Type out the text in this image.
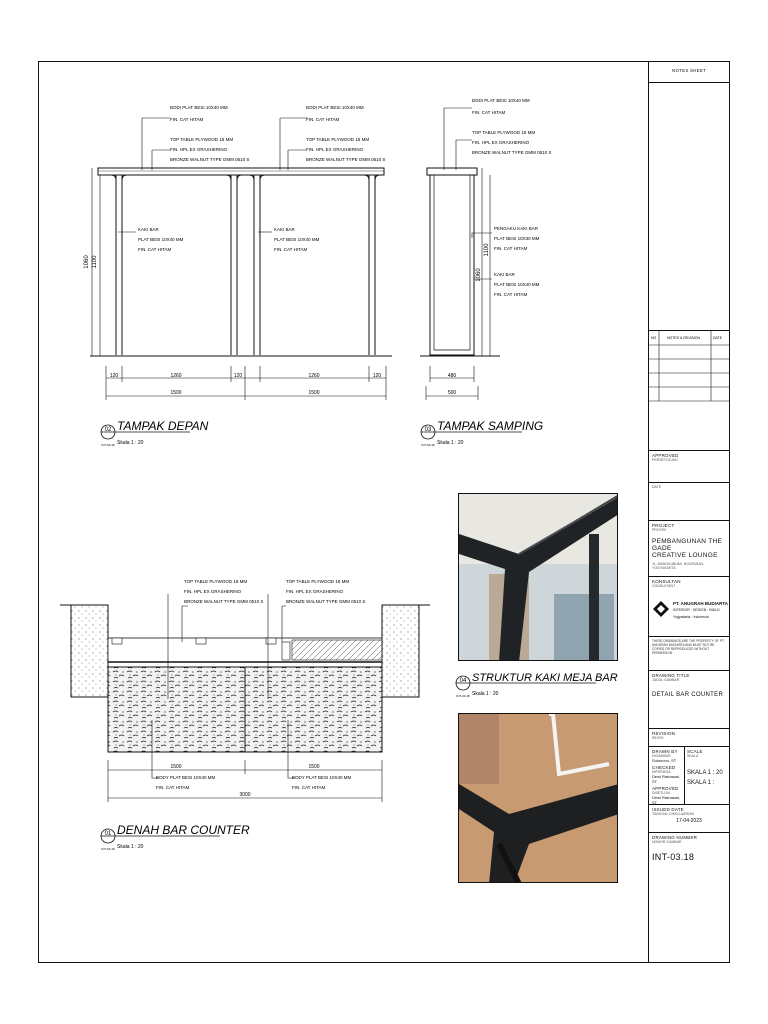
1060 1100
120	1260	120	1260	120
1500	1500
BODI PLAT BESI 10X40 MM
FIN. CAT HITAM
TOP TABLE PLYWOOD 18 MM
FIN. HPL EX GRASHERINO
BRONZE WALNUT TYPE GMM 0510 S
BODI PLAT BESI 10X40 MM
FIN. CAT HITAM
TOP TABLE PLYWOOD 18 MM
FIN. HPL EX GRASHERINO
BRONZE WALNUT TYPE GMM 0510 S
KAKI BAR
PLAT BESI 10X40 MM
FIN. CAT HITAM
KAKI BAR
PLAT BESI 10X40 MM
FIN. CAT HITAM
02
INT-03.18
TAMPAK DEPAN
Skala 1 : 20
1060
1100
480
500
BODI PLAT BESI 10X40 MM
FIN. CAT HITAM
TOP TABLE PLYWOOD 18 MM
FIN. HPL EX GRASHERINO
BRONZE WALNUT TYPE GMM 0510 S
PENGAKU KAKI BAR
PLAT BESI 10X30 MM
FIN. CAT HITAM
KAKI BAR
PLAT BESI 10X40 MM
FIN. CAT HITAM
03
INT-03.18
TAMPAK SAMPING
Skala 1 : 20
1500	1500
3000
TOP TABLE PLYWOOD 18 MM
FIN. HPL EX GRASHERINO
BRONZE WALNUT TYPE GMM 0510 S
TOP TABLE PLYWOOD 18 MM
FIN. HPL EX GRASHERINO
BRONZE WALNUT TYPE GMM 0510 S
BODY PLAT BESI 10X40 MM
FIN. CAT HITAM
BODY PLAT BESI 10X40 MM
FIN. CAT HITAM
01
INT-03.18
DENAH BAR COUNTER
Skala 1 : 20
04
INT-03.18
STRUKTUR KAKI MEJA BAR
Skala 1 : 20
NOTES SHEET
NO	NOTES & REVISION	DATE
APPROVED
PERSETUJUAN
DATE
PROJECT
PROYEK
PEMBANGUNAN THE GADE
CREATIVE LOUNGE
JL. MANGKUBUMI, NGUPASAN, YOGYAKARTA
KONSULTAN
CONSULTANT
PT. ANUGRAH BUDIARTA
INTERIOR · DESIGN · BUILD
Yogyakarta · Indonesia
THESE DRAWINGS ARE THE PROPERTY OF PT. ANUGRAH BUDIARTA AND MUST NOT BE COPIED OR REPRODUCED WITHOUT PERMISSION.
DRAWING TITLE
JUDUL GAMBAR
DETAIL BAR COUNTER
REVISION
REVISI
DRAWN BY
DIGAMBAR
Sukmono, ST
CHECKED
DIPERIKSA
Dewi Ratnasari, ST
APPROVED
DISETUJUI
Dewi Ratnasari, ST
SCALE
SKALA
SKALA 1 : 20
SKALA 1 :
ISSUED DATE
TANGGAL DIKELUARKAN
17-04-2023
DRAWING NUMBER
NOMOR GAMBAR
INT-03.18
